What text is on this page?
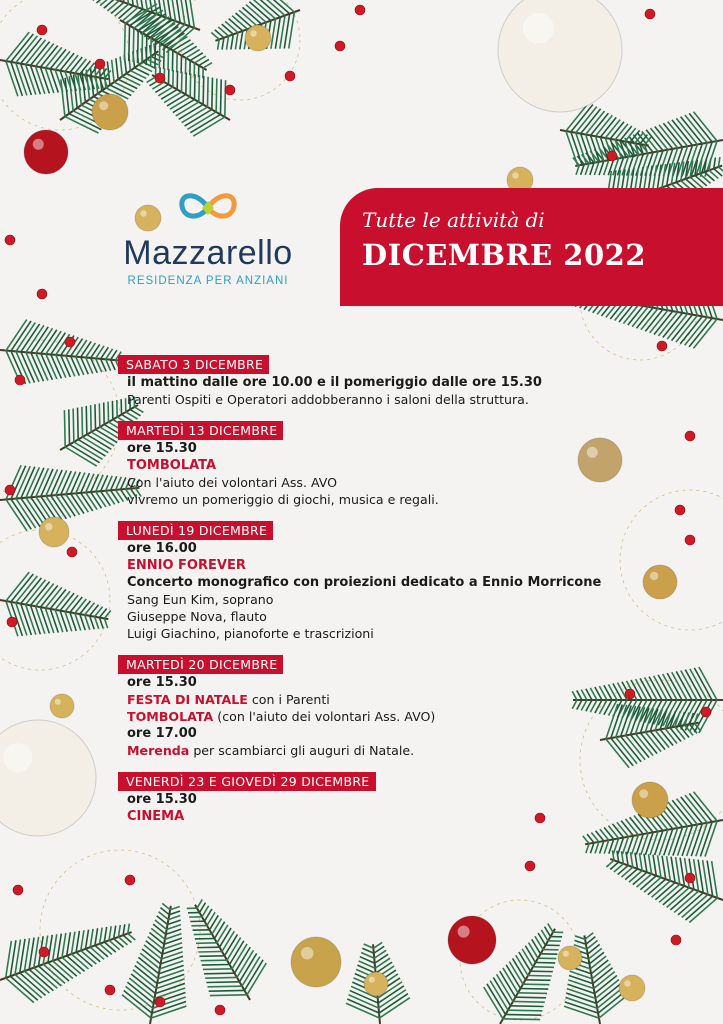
Mazzarello
RESIDENZA PER ANZIANI
Tutte le attività di
DICEMBRE 2022
SABATO 3 DICEMBRE
il mattino dalle ore 10.00 e il pomeriggio dalle ore 15.30
Parenti Ospiti e Operatori addobberanno i saloni della struttura.
MARTEDÌ 13 DICEMBRE
ore 15.30
TOMBOLATA
Con l'aiuto dei volontari Ass. AVO
vivremo un pomeriggio di giochi, musica e regali.
LUNEDÌ 19 DICEMBRE
ore 16.00
ENNIO FOREVER
Concerto monografico con proiezioni dedicato a Ennio Morricone
Sang Eun Kim, soprano
Giuseppe Nova, flauto
Luigi Giachino, pianoforte e trascrizioni
MARTEDÌ 20 DICEMBRE
ore 15.30
FESTA DI NATALE con i Parenti
TOMBOLATA (con l'aiuto dei volontari Ass. AVO)
ore 17.00
Merenda per scambiarci gli auguri di Natale.
VENERDÌ 23 E GIOVEDÌ 29 DICEMBRE
ore 15.30
CINEMA
